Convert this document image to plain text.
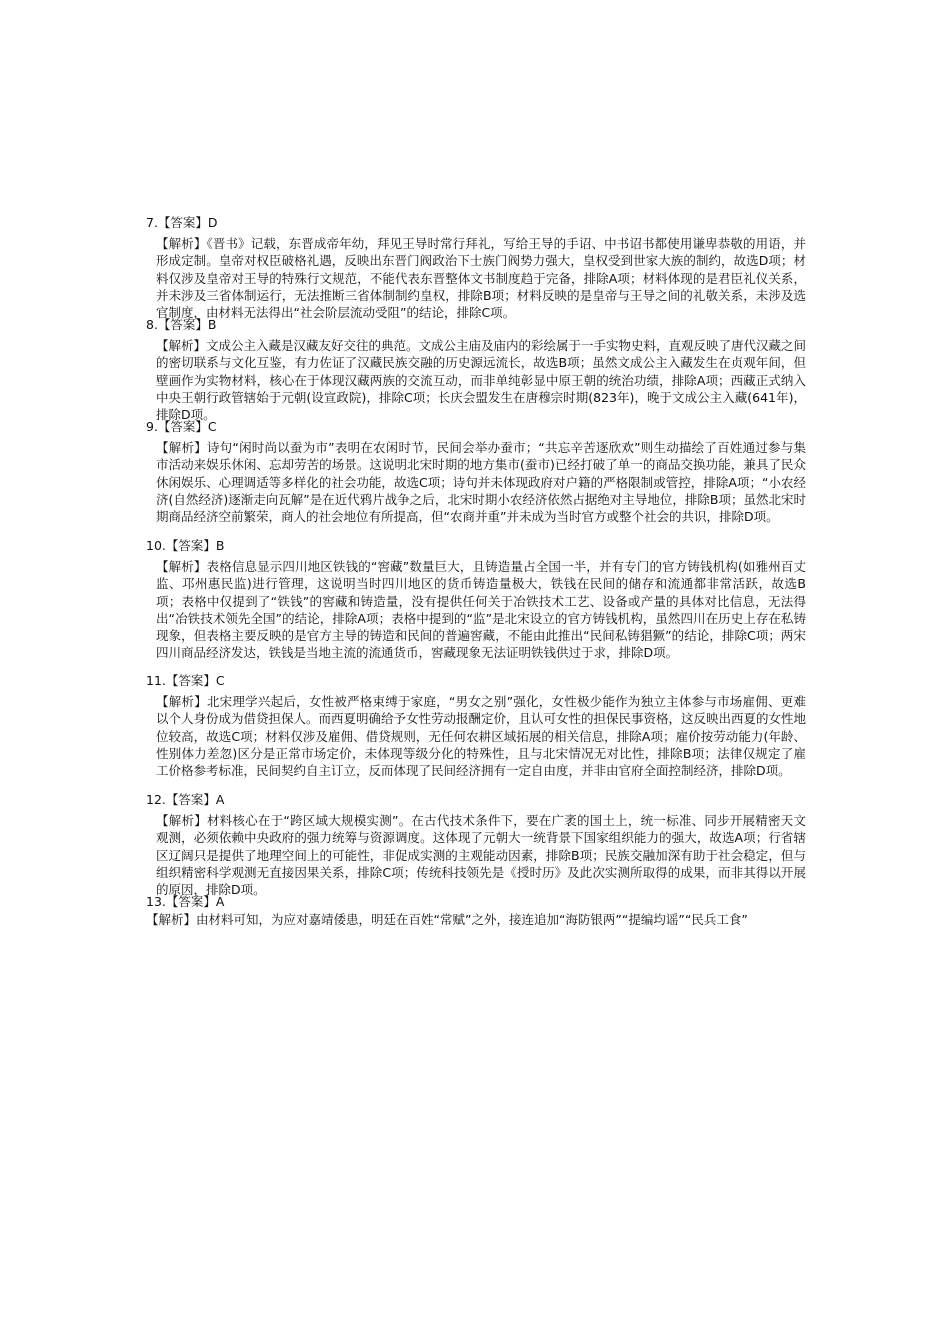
7.【答案】D

【解析】《晋书》记载，东晋成帝年幼，拜见王导时常行拜礼，写给王导的手诏、中书诏书都使用谦卑恭敬的用语，并形成定制。皇帝对权臣破格礼遇，反映出东晋门阀政治下士族门阀势力强大，皇权受到世家大族的制约，故选D项；材料仅涉及皇帝对王导的特殊行文规范，不能代表东晋整体文书制度趋于完备，排除A项；材料体现的是君臣礼仪关系，并未涉及三省体制运行，无法推断三省体制制约皇权，排除B项；材料反映的是皇帝与王导之间的礼敬关系，未涉及选官制度，由材料无法得出“社会阶层流动受阻”的结论，排除C项。

8.【答案】B

【解析】文成公主入藏是汉藏友好交往的典范。文成公主庙及庙内的彩绘属于一手实物史料，直观反映了唐代汉藏之间的密切联系与文化互鉴，有力佐证了汉藏民族交融的历史源远流长，故选B项；虽然文成公主入藏发生在贞观年间，但壁画作为实物材料，核心在于体现汉藏两族的交流互动，而非单纯彰显中原王朝的统治功绩，排除A项；西藏正式纳入中央王朝行政管辖始于元朝(设宣政院)，排除C项；长庆会盟发生在唐穆宗时期(823年)，晚于文成公主入藏(641年)，排除D项。

9.【答案】C

【解析】诗句“闲时尚以蚕为市”表明在农闲时节，民间会举办蚕市；“共忘辛苦逐欣欢”则生动描绘了百姓通过参与集市活动来娱乐休闲、忘却劳苦的场景。这说明北宋时期的地方集市(蚕市)已经打破了单一的商品交换功能，兼具了民众休闲娱乐、心理调适等多样化的社会功能，故选C项；诗句并未体现政府对户籍的严格限制或管控，排除A项；“小农经济(自然经济)逐渐走向瓦解”是在近代鸦片战争之后，北宋时期小农经济依然占据绝对主导地位，排除B项；虽然北宋时期商品经济空前繁荣，商人的社会地位有所提高，但“农商并重”并未成为当时官方或整个社会的共识，排除D项。

10.【答案】B

【解析】表格信息显示四川地区铁钱的“窖藏”数量巨大，且铸造量占全国一半，并有专门的官方铸钱机构(如雅州百丈监、邛州惠民监)进行管理，这说明当时四川地区的货币铸造量极大，铁钱在民间的储存和流通都非常活跃，故选B项；表格中仅提到了“铁钱”的窖藏和铸造量，没有提供任何关于冶铁技术工艺、设备或产量的具体对比信息，无法得出“冶铁技术领先全国”的结论，排除A项；表格中提到的“监”是北宋设立的官方铸钱机构，虽然四川在历史上存在私铸现象，但表格主要反映的是官方主导的铸造和民间的普遍窖藏，不能由此推出“民间私铸猖獗”的结论，排除C项；两宋四川商品经济发达，铁钱是当地主流的流通货币，窖藏现象无法证明铁钱供过于求，排除D项。

11.【答案】C

【解析】北宋理学兴起后，女性被严格束缚于家庭，“男女之别”强化，女性极少能作为独立主体参与市场雇佣、更难以个人身份成为借贷担保人。而西夏明确给予女性劳动报酬定价，且认可女性的担保民事资格，这反映出西夏的女性地位较高，故选C项；材料仅涉及雇佣、借贷规则，无任何农耕区域拓展的相关信息，排除A项；雇价按劳动能力(年龄、性别体力差忽)区分是正常市场定价，未体现等级分化的特殊性，且与北宋情况无对比性，排除B项；法律仅规定了雇工价格参考标准，民间契约自主订立，反而体现了民间经济拥有一定自由度，并非由官府全面控制经济，排除D项。

12.【答案】A

【解析】材料核心在于“跨区域大规模实测”。在古代技术条件下，要在广袤的国土上，统一标准、同步开展精密天文观测，必须依赖中央政府的强力统筹与资源调度。这体现了元朝大一统背景下国家组织能力的强大，故选A项；行省辖区辽阔只是提供了地理空间上的可能性，非促成实测的主观能动因素，排除B项；民族交融加深有助于社会稳定，但与组织精密科学观测无直接因果关系，排除C项；传统科技领先是《授时历》及此次实测所取得的成果，而非其得以开展的原因，排除D项。

13.【答案】A

【解析】由材料可知，为应对嘉靖倭患，明廷在百姓“常赋”之外，接连追加“海防银两”“提编均谣”“民兵工食”
